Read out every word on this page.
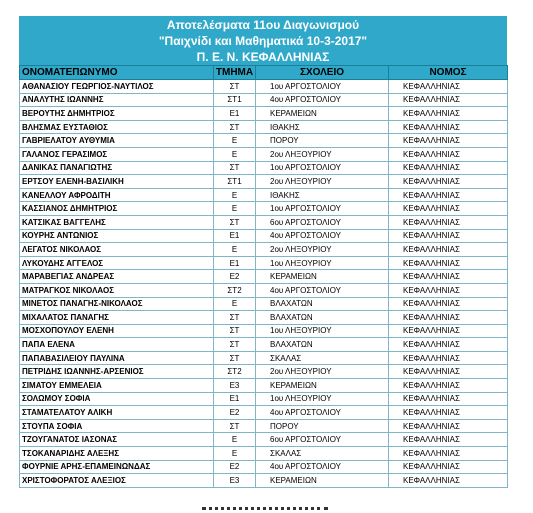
Αποτελέσματα 11ου Διαγωνισμού
"Παιχνίδι και Μαθηματικά 10-3-2017"
Π. Ε. Ν. ΚΕΦΑΛΛΗΝΙΑΣ
ΟΝΟΜΑΤΕΠΩΝΥΜΟ	ΤΜΗΜΑ	ΣΧΟΛΕΙΟ	ΝΟΜΟΣ
ΑΘΑΝΑΣΙΟΥ ΓΕΩΡΓΙΟΣ-ΝΑΥΤΙΛΟΣ	ΣΤ	1ου ΑΡΓΟΣΤΟΛΙΟΥ	ΚΕΦΑΛΛΗΝΙΑΣ
ΑΝΑΛΥΤΗΣ ΙΩΑΝΝΗΣ	ΣΤ1	4ου ΑΡΓΟΣΤΟΛΙΟΥ	ΚΕΦΑΛΛΗΝΙΑΣ
ΒΕΡΟΥΤΗΣ ΔΗΜΗΤΡΙΟΣ	Ε1	ΚΕΡΑΜΕΙΩΝ	ΚΕΦΑΛΛΗΝΙΑΣ
ΒΛΗΣΜΑΣ ΕΥΣΤΑΘΙΟΣ	ΣΤ	ΙΘΑΚΗΣ	ΚΕΦΑΛΛΗΝΙΑΣ
ΓΑΒΡΙΕΛΑΤΟΥ ΑΥΘΥΜΙΑ	Ε	ΠΟΡΟΥ	ΚΕΦΑΛΛΗΝΙΑΣ
ΓΑΛΑΝΟΣ ΓΕΡΑΣΙΜΟΣ	Ε	2ου ΛΗΞΟΥΡΙΟΥ	ΚΕΦΑΛΛΗΝΙΑΣ
ΔΑΝΙΚΑΣ ΠΑΝΑΓΙΩΤΗΣ	ΣΤ	1ου ΑΡΓΟΣΤΟΛΙΟΥ	ΚΕΦΑΛΛΗΝΙΑΣ
ΕΡΤΣΟΥ ΕΛΕΝΗ-ΒΑΣΙΛΙΚΗ	ΣΤ1	2ου ΛΗΞΟΥΡΙΟΥ	ΚΕΦΑΛΛΗΝΙΑΣ
ΚΑΝΕΛΛΟΥ ΑΦΡΟΔΙΤΗ	Ε	ΙΘΑΚΗΣ	ΚΕΦΑΛΛΗΝΙΑΣ
ΚΑΣΣΙΑΝΟΣ ΔΗΜΗΤΡΙΟΣ	Ε	1ου ΑΡΓΟΣΤΟΛΙΟΥ	ΚΕΦΑΛΛΗΝΙΑΣ
ΚΑΤΣΙΚΑΣ ΒΑΓΓΕΛΗΣ	ΣΤ	6ου ΑΡΓΟΣΤΟΛΙΟΥ	ΚΕΦΑΛΛΗΝΙΑΣ
ΚΟΥΡΗΣ ΑΝΤΩΝΙΟΣ	Ε1	4ου ΑΡΓΟΣΤΟΛΙΟΥ	ΚΕΦΑΛΛΗΝΙΑΣ
ΛΕΓΑΤΟΣ ΝΙΚΟΛΑΟΣ	Ε	2ου ΛΗΞΟΥΡΙΟΥ	ΚΕΦΑΛΛΗΝΙΑΣ
ΛΥΚΟΥΔΗΣ ΑΓΓΕΛΟΣ	Ε1	1ου ΛΗΞΟΥΡΙΟΥ	ΚΕΦΑΛΛΗΝΙΑΣ
ΜΑΡΑΒΕΓΙΑΣ ΑΝΔΡΕΑΣ	Ε2	ΚΕΡΑΜΕΙΩΝ	ΚΕΦΑΛΛΗΝΙΑΣ
ΜΑΤΡΑΓΚΟΣ ΝΙΚΟΛΑΟΣ	ΣΤ2	4ου ΑΡΓΟΣΤΟΛΙΟΥ	ΚΕΦΑΛΛΗΝΙΑΣ
ΜΙΝΕΤΟΣ ΠΑΝΑΓΗΣ-ΝΙΚΟΛΑΟΣ	Ε	ΒΛΑΧΑΤΩΝ	ΚΕΦΑΛΛΗΝΙΑΣ
ΜΙΧΑΛΑΤΟΣ ΠΑΝΑΓΗΣ	ΣΤ	ΒΛΑΧΑΤΩΝ	ΚΕΦΑΛΛΗΝΙΑΣ
ΜΟΣΧΟΠΟΥΛΟΥ ΕΛΕΝΗ	ΣΤ	1ου ΛΗΞΟΥΡΙΟΥ	ΚΕΦΑΛΛΗΝΙΑΣ
ΠΑΠΑ ΕΛΕΝΑ	ΣΤ	ΒΛΑΧΑΤΩΝ	ΚΕΦΑΛΛΗΝΙΑΣ
ΠΑΠΑΒΑΣΙΛΕΙΟΥ ΠΑΥΛΙΝΑ	ΣΤ	ΣΚΑΛΑΣ	ΚΕΦΑΛΛΗΝΙΑΣ
ΠΕΤΡΙΔΗΣ ΙΩΑΝΝΗΣ-ΑΡΣΕΝΙΟΣ	ΣΤ2	2ου ΛΗΞΟΥΡΙΟΥ	ΚΕΦΑΛΛΗΝΙΑΣ
ΣΙΜΑΤΟΥ ΕΜΜΕΛΕΙΑ	Ε3	ΚΕΡΑΜΕΙΩΝ	ΚΕΦΑΛΛΗΝΙΑΣ
ΣΟΛΩΜΟΥ ΣΟΦΙΑ	Ε1	1ου ΛΗΞΟΥΡΙΟΥ	ΚΕΦΑΛΛΗΝΙΑΣ
ΣΤΑΜΑΤΕΛΑΤΟΥ ΑΛΙΚΗ	Ε2	4ου ΑΡΓΟΣΤΟΛΙΟΥ	ΚΕΦΑΛΛΗΝΙΑΣ
ΣΤΟΥΠΑ ΣΟΦΙΑ	ΣΤ	ΠΟΡΟΥ	ΚΕΦΑΛΛΗΝΙΑΣ
ΤΖΟΥΓΑΝΑΤΟΣ ΙΑΣΟΝΑΣ	Ε	6ου ΑΡΓΟΣΤΟΛΙΟΥ	ΚΕΦΑΛΛΗΝΙΑΣ
ΤΣΟΚΑΝΑΡΙΔΗΣ ΑΛΕΞΗΣ	Ε	ΣΚΑΛΑΣ	ΚΕΦΑΛΛΗΝΙΑΣ
ΦΟΥΡΝΙΕ ΑΡΗΣ-ΕΠΑΜΕΙΝΩΝΔΑΣ	Ε2	4ου ΑΡΓΟΣΤΟΛΙΟΥ	ΚΕΦΑΛΛΗΝΙΑΣ
ΧΡΙΣΤΟΦΟΡΑΤΟΣ ΑΛΕΞΙΟΣ	Ε3	ΚΕΡΑΜΕΙΩΝ	ΚΕΦΑΛΛΗΝΙΑΣ
